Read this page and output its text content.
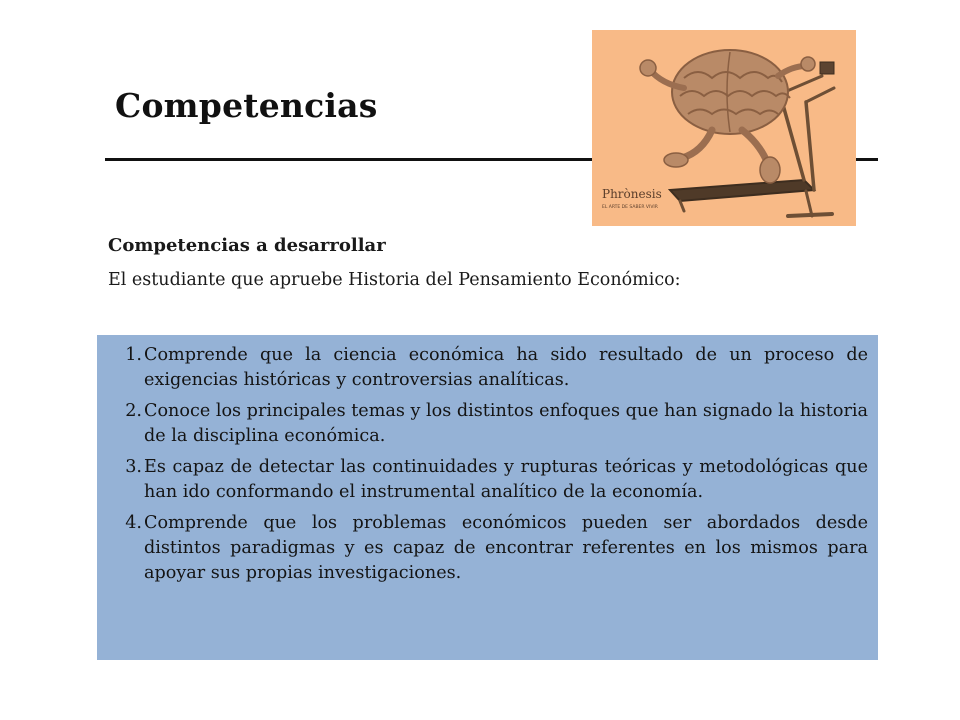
Competencias
Phrònesis
EL ARTE DE SABER VIVIR
Competencias a desarrollar
El estudiante que apruebe Historia del Pensamiento Económico:
1. Comprende que la ciencia económica ha sido resultado de un proceso de exigencias históricas y controversias analíticas.
2. Conoce los principales temas y los distintos enfoques que han signado la historia de la disciplina económica.
3. Es capaz de detectar las continuidades y rupturas teóricas y metodológicas que han ido conformando el instrumental analítico de la economía.
4. Comprende que los problemas económicos pueden ser abordados desde distintos paradigmas y es capaz de encontrar referentes en los mismos para apoyar sus propias investigaciones.
